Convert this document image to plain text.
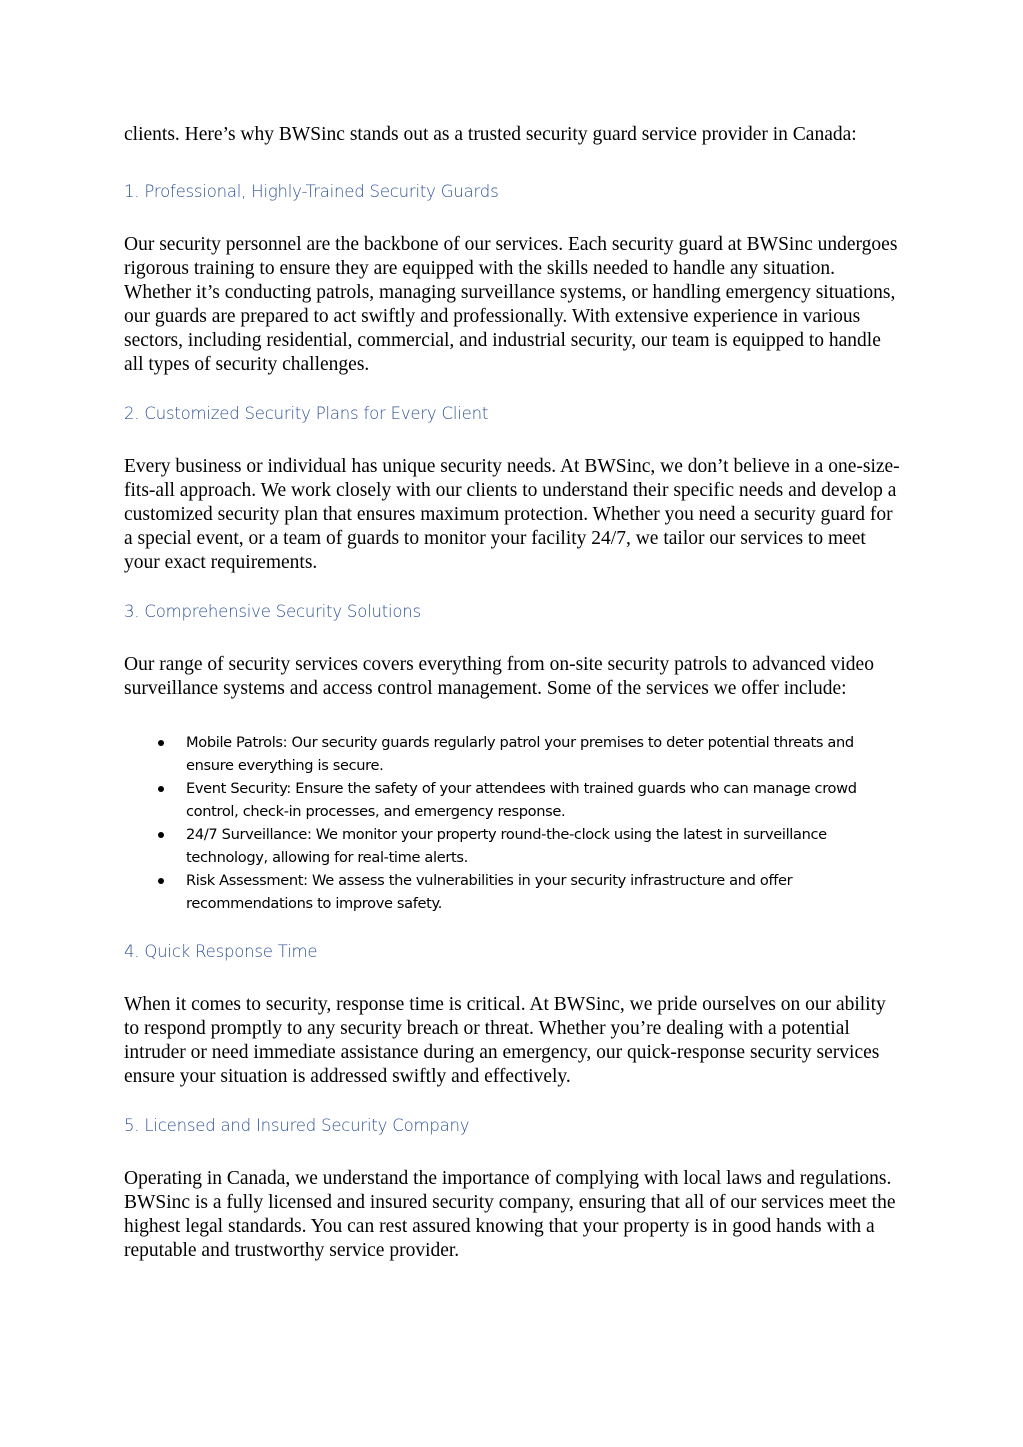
clients. Here’s why BWSinc stands out as a trusted security guard service provider in Canada:

1. Professional, Highly-Trained Security Guards

Our security personnel are the backbone of our services. Each security guard at BWSinc undergoes rigorous training to ensure they are equipped with the skills needed to handle any situation. Whether it’s conducting patrols, managing surveillance systems, or handling emergency situations, our guards are prepared to act swiftly and professionally. With extensive experience in various sectors, including residential, commercial, and industrial security, our team is equipped to handle all types of security challenges.

2. Customized Security Plans for Every Client

Every business or individual has unique security needs. At BWSinc, we don’t believe in a one-size-fits-all approach. We work closely with our clients to understand their specific needs and develop a customized security plan that ensures maximum protection. Whether you need a security guard for a special event, or a team of guards to monitor your facility 24/7, we tailor our services to meet your exact requirements.

3. Comprehensive Security Solutions

Our range of security services covers everything from on-site security patrols to advanced video surveillance systems and access control management. Some of the services we offer include:

Mobile Patrols: Our security guards regularly patrol your premises to deter potential threats and ensure everything is secure.
Event Security: Ensure the safety of your attendees with trained guards who can manage crowd control, check-in processes, and emergency response.
24/7 Surveillance: We monitor your property round-the-clock using the latest in surveillance technology, allowing for real-time alerts.
Risk Assessment: We assess the vulnerabilities in your security infrastructure and offer recommendations to improve safety.
4. Quick Response Time

When it comes to security, response time is critical. At BWSinc, we pride ourselves on our ability to respond promptly to any security breach or threat. Whether you’re dealing with a potential intruder or need immediate assistance during an emergency, our quick-response security services ensure your situation is addressed swiftly and effectively.

5. Licensed and Insured Security Company

Operating in Canada, we understand the importance of complying with local laws and regulations. BWSinc is a fully licensed and insured security company, ensuring that all of our services meet the highest legal standards. You can rest assured knowing that your property is in good hands with a reputable and trustworthy service provider.
